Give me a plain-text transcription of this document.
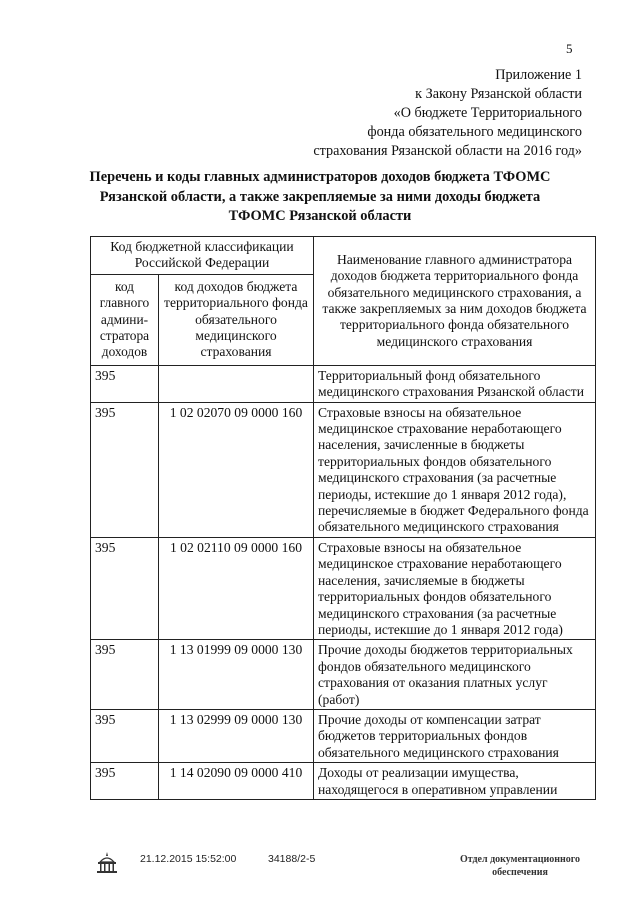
5
Приложение 1
к Закону Рязанской области
«О бюджете Территориального
фонда обязательного медицинского
страхования Рязанской области на 2016 год»
Перечень и коды главных администраторов доходов бюджета ТФОМС
Рязанской области, а также закрепляемые за ними доходы бюджета
ТФОМС Рязанской области
Код бюджетной классификации Российской Федерации		Наименование главного администратора доходов бюджета территориального фонда обязательного медицинского страхования, а также закрепляемых за ним доходов бюджета территориального фонда обязательного медицинского страхования
код главного админи-стратора доходов	код доходов бюджета территориального фонда обязательного медицинского страхования	
395		Территориальный фонд обязательного медицинского страхования Рязанской области
395	1 02 02070 09 0000 160	Страховые взносы на обязательное медицинское страхование неработающего населения, зачисленные в бюджеты территориальных фондов обязательного медицинского страхования (за расчетные периоды, истекшие до 1 января 2012 года), перечисляемые в бюджет Федерального фонда обязательного медицинского страхования
395	1 02 02110 09 0000 160	Страховые взносы на обязательное медицинское страхование неработающего населения, зачисляемые в бюджеты территориальных фондов обязательного медицинского страхования (за расчетные периоды, истекшие до 1 января 2012 года)
395	1 13 01999 09 0000 130	Прочие доходы бюджетов территориальных фондов обязательного медицинского страхования от оказания платных услуг (работ)
395	1 13 02999 09 0000 130	Прочие доходы от компенсации затрат бюджетов территориальных фондов обязательного медицинского страхования
395	1 14 02090 09 0000 410	Доходы от реализации имущества, находящегося в оперативном управлении
21.12.2015 15:52:00	34188/2-5	Отдел документационного
обеспечения
